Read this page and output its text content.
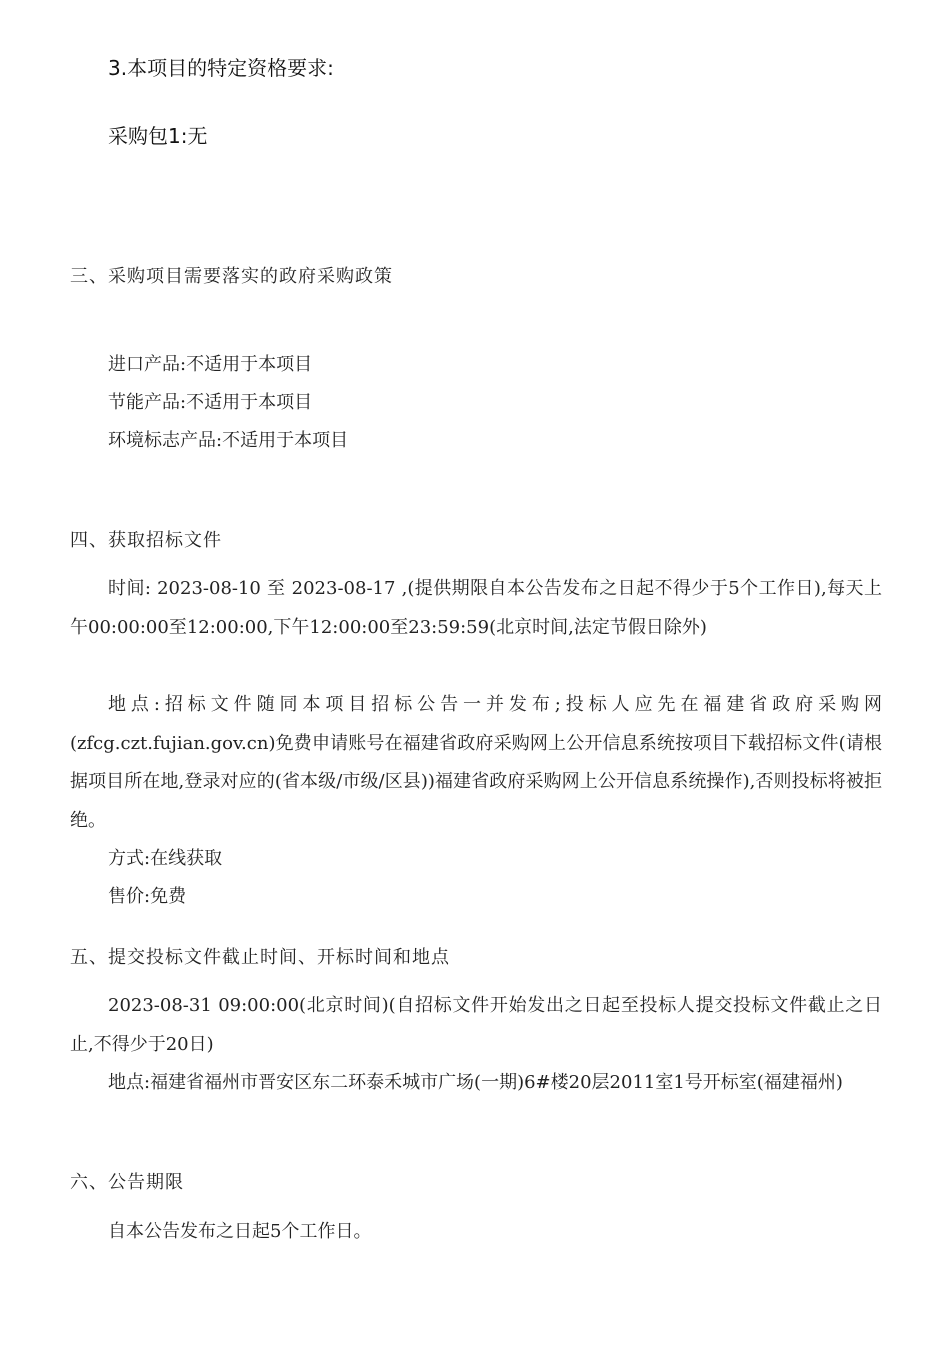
3.本项目的特定资格要求:
采购包1:无
三、采购项目需要落实的政府采购政策
进口产品:不适用于本项目
节能产品:不适用于本项目
环境标志产品:不适用于本项目
四、获取招标文件
时间: 2023-08-10 至 2023-08-17 ,(提供期限自本公告发布之日起不得少于5个工作日),每天上午00:00:00至12:00:00,下午12:00:00至23:59:59(北京时间,法定节假日除外)
地点:招标文件随同本项目招标公告一并发布;投标人应先在福建省政府采购网(zfcg.czt.fujian.gov.cn)免费申请账号在福建省政府采购网上公开信息系统按项目下载招标文件(请根据项目所在地,登录对应的(省本级/市级/区县))福建省政府采购网上公开信息系统操作),否则投标将被拒绝。
方式:在线获取
售价:免费
五、提交投标文件截止时间、开标时间和地点
2023-08-31 09:00:00(北京时间)(自招标文件开始发出之日起至投标人提交投标文件截止之日止,不得少于20日)
地点:福建省福州市晋安区东二环泰禾城市广场(一期)6#楼20层2011室1号开标室(福建福州)
六、公告期限
自本公告发布之日起5个工作日。
